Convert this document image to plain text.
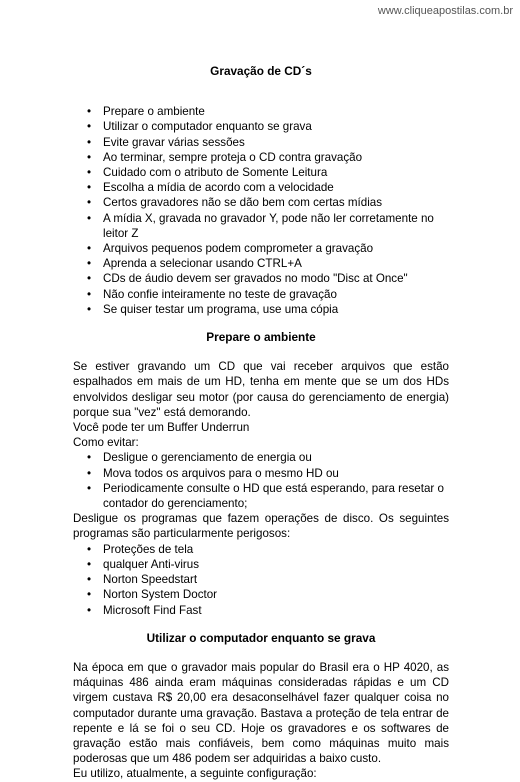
www.cliqueapostilas.com.br
Gravação de CD´s
• Prepare o ambiente
• Utilizar o computador enquanto se grava
• Evite gravar várias sessões
• Ao terminar, sempre proteja o CD contra gravação
• Cuidado com o atributo de Somente Leitura
• Escolha a mídia de acordo com a velocidade
• Certos gravadores não se dão bem com certas mídias
• A mídia X, gravada no gravador Y, pode não ler corretamente no leitor Z
• Arquivos pequenos podem comprometer a gravação
• Aprenda a selecionar usando CTRL+A
• CDs de áudio devem ser gravados no modo "Disc at Once"
• Não confie inteiramente no teste de gravação
• Se quiser testar um programa, use uma cópia
Prepare o ambiente

Se estiver gravando um CD que vai receber arquivos que estão espalhados em mais de um HD, tenha em mente que se um dos HDs envolvidos desligar seu motor (por causa do gerenciamento de energia) porque sua "vez" está demorando.

Você pode ter um Buffer Underrun
Como evitar:
• Desligue o gerenciamento de energia ou
• Mova todos os arquivos para o mesmo HD ou
• Periodicamente consulte o HD que está esperando, para resetar o contador do gerenciamento;

Desligue os programas que fazem operações de disco. Os seguintes programas são particularmente perigosos:

• Proteções de tela
• qualquer Anti-virus
• Norton Speedstart
• Norton System Doctor
• Microsoft Find Fast
Utilizar o computador enquanto se grava

Na época em que o gravador mais popular do Brasil era o HP 4020, as máquinas 486 ainda eram máquinas consideradas rápidas e um CD virgem custava R$ 20,00 era desaconselhável fazer qualquer coisa no computador durante uma gravação. Bastava a proteção de tela entrar de repente e lá se foi o seu CD. Hoje os gravadores e os softwares de gravação estão mais confiáveis, bem como máquinas muito mais poderosas que um 486 podem ser adquiridas a baixo custo.

Eu utilizo, atualmente, a seguinte configuração:
